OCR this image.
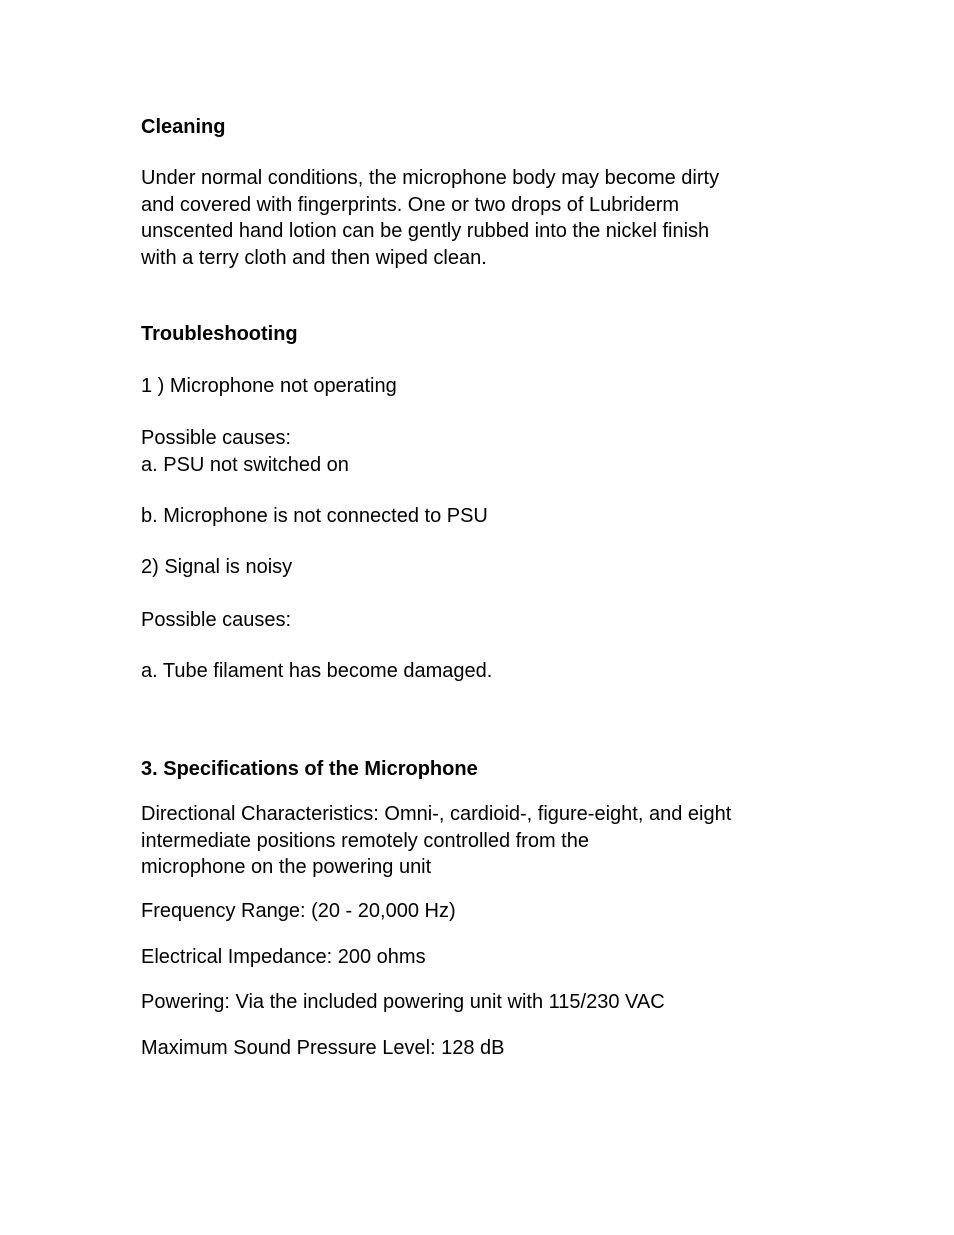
Cleaning

Under normal conditions, the microphone body may become dirty

and covered with fingerprints. One or two drops of Lubriderm

unscented hand lotion can be gently rubbed into the nickel finish

with a terry cloth and then wiped clean.

Troubleshooting

1 ) Microphone not operating

Possible causes:

a. PSU not switched on

b. Microphone is not connected to PSU

2) Signal is noisy

Possible causes:

a. Tube filament has become damaged.

3. Specifications of the Microphone

Directional Characteristics: Omni-, cardioid-, figure-eight, and eight

intermediate positions remotely controlled from the

microphone on the powering unit

Frequency Range: (20 - 20,000 Hz)

Electrical Impedance: 200 ohms

Powering: Via the included powering unit with 115/230 VAC

Maximum Sound Pressure Level: 128 dB
